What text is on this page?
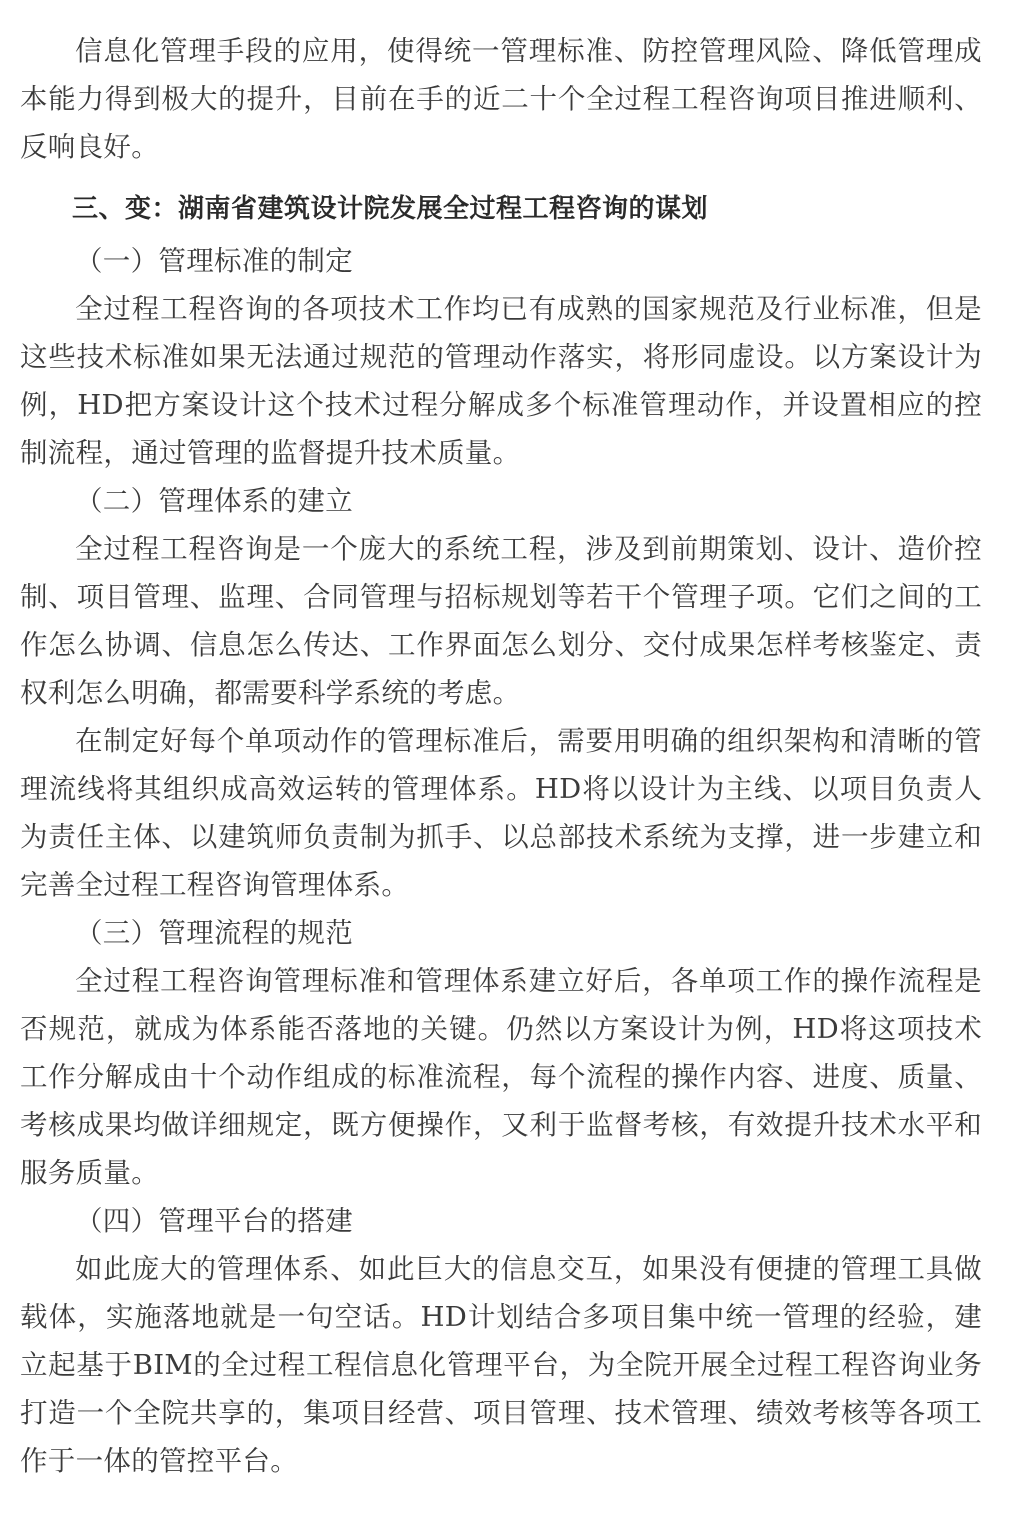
信息化管理手段的应用，使得统一管理标准、防控管理风险、降低管理成本能力得到极大的提升，目前在手的近二十个全过程工程咨询项目推进顺利、反响良好。

三、变：湖南省建筑设计院发展全过程工程咨询的谋划

（一）管理标准的制定

全过程工程咨询的各项技术工作均已有成熟的国家规范及行业标准，但是这些技术标准如果无法通过规范的管理动作落实，将形同虚设。以方案设计为例，HD把方案设计这个技术过程分解成多个标准管理动作，并设置相应的控制流程，通过管理的监督提升技术质量。

（二）管理体系的建立

全过程工程咨询是一个庞大的系统工程，涉及到前期策划、设计、造价控制、项目管理、监理、合同管理与招标规划等若干个管理子项。它们之间的工作怎么协调、信息怎么传达、工作界面怎么划分、交付成果怎样考核鉴定、责权利怎么明确，都需要科学系统的考虑。

在制定好每个单项动作的管理标准后，需要用明确的组织架构和清晰的管理流线将其组织成高效运转的管理体系。HD将以设计为主线、以项目负责人为责任主体、以建筑师负责制为抓手、以总部技术系统为支撑，进一步建立和完善全过程工程咨询管理体系。

（三）管理流程的规范

全过程工程咨询管理标准和管理体系建立好后，各单项工作的操作流程是否规范，就成为体系能否落地的关键。仍然以方案设计为例，HD将这项技术工作分解成由十个动作组成的标准流程，每个流程的操作内容、进度、质量、考核成果均做详细规定，既方便操作，又利于监督考核，有效提升技术水平和服务质量。

（四）管理平台的搭建

如此庞大的管理体系、如此巨大的信息交互，如果没有便捷的管理工具做载体，实施落地就是一句空话。HD计划结合多项目集中统一管理的经验，建立起基于BIM的全过程工程信息化管理平台，为全院开展全过程工程咨询业务打造一个全院共享的，集项目经营、项目管理、技术管理、绩效考核等各项工作于一体的管控平台。
